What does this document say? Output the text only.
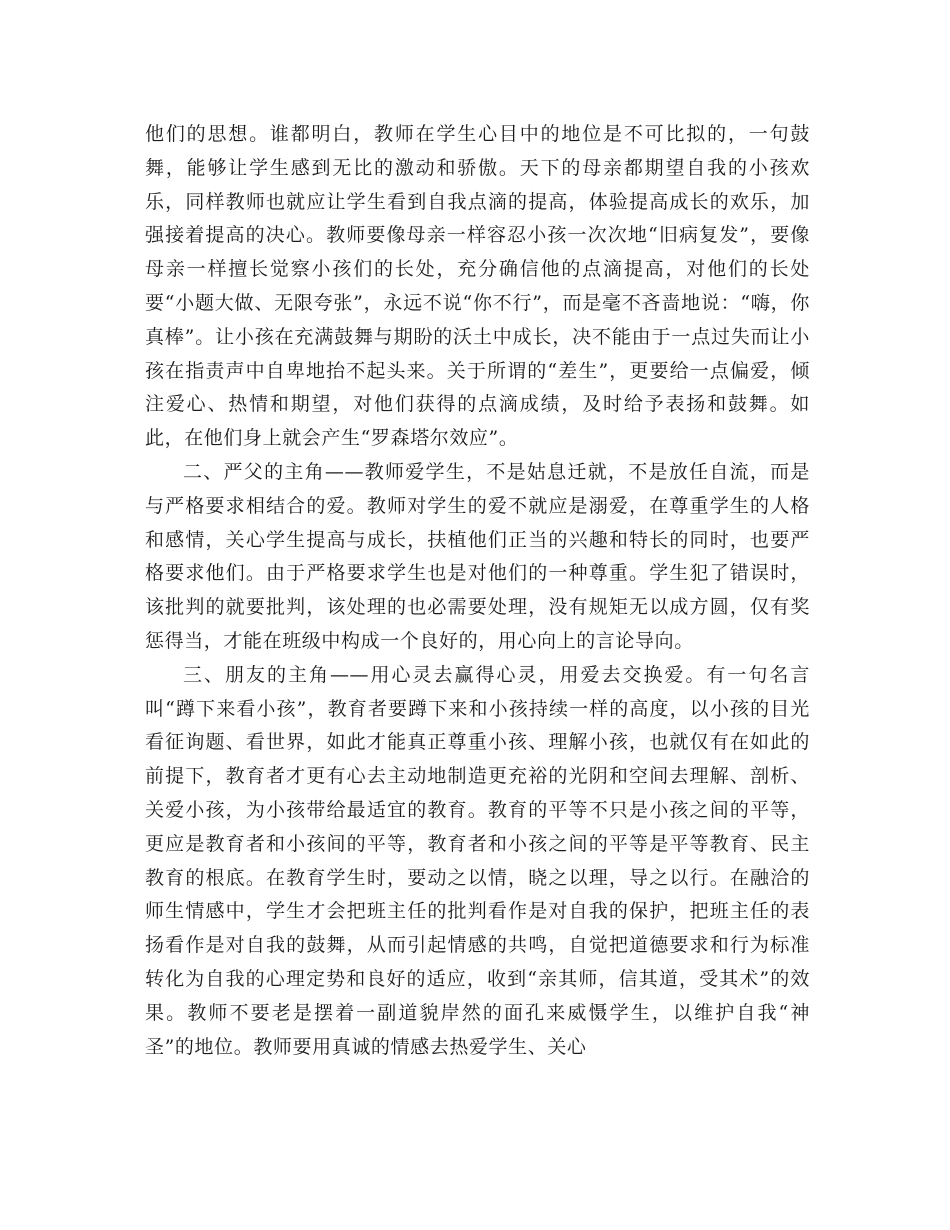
他们的思想。谁都明白，教师在学生心目中的地位是不可比拟的，一句鼓舞，能够让学生感到无比的激动和骄傲。天下的母亲都期望自我的小孩欢乐，同样教师也就应让学生看到自我点滴的提高，体验提高成长的欢乐，加强接着提高的决心。教师要像母亲一样容忍小孩一次次地“旧病复发”，要像母亲一样擅长觉察小孩们的长处，充分确信他的点滴提高，对他们的长处要“小题大做、无限夸张”，永远不说“你不行”，而是毫不吝啬地说：“嗨，你真棒”。让小孩在充满鼓舞与期盼的沃土中成长，决不能由于一点过失而让小孩在指责声中自卑地抬不起头来。关于所谓的“差生”，更要给一点偏爱，倾注爱心、热情和期望，对他们获得的点滴成绩，及时给予表扬和鼓舞。如此，在他们身上就会产生“罗森塔尔效应”。

二、严父的主角——教师爱学生，不是姑息迁就，不是放任自流，而是与严格要求相结合的爱。教师对学生的爱不就应是溺爱，在尊重学生的人格和感情，关心学生提高与成长，扶植他们正当的兴趣和特长的同时，也要严格要求他们。由于严格要求学生也是对他们的一种尊重。学生犯了错误时，该批判的就要批判，该处理的也必需要处理，没有规矩无以成方圆，仅有奖惩得当，才能在班级中构成一个良好的，用心向上的言论导向。

三、朋友的主角——用心灵去赢得心灵，用爱去交换爱。有一句名言叫“蹲下来看小孩”，教育者要蹲下来和小孩持续一样的高度，以小孩的目光看征询题、看世界，如此才能真正尊重小孩、理解小孩，也就仅有在如此的前提下，教育者才更有心去主动地制造更充裕的光阴和空间去理解、剖析、关爱小孩，为小孩带给最适宜的教育。教育的平等不只是小孩之间的平等，更应是教育者和小孩间的平等，教育者和小孩之间的平等是平等教育、民主教育的根底。在教育学生时，要动之以情，晓之以理，导之以行。在融洽的师生情感中，学生才会把班主任的批判看作是对自我的保护，把班主任的表扬看作是对自我的鼓舞，从而引起情感的共鸣，自觉把道德要求和行为标准转化为自我的心理定势和良好的适应，收到“亲其师，信其道，受其术”的效果。教师不要老是摆着一副道貌岸然的面孔来威慑学生，以维护自我“神圣”的地位。教师要用真诚的情感去热爱学生、关心
